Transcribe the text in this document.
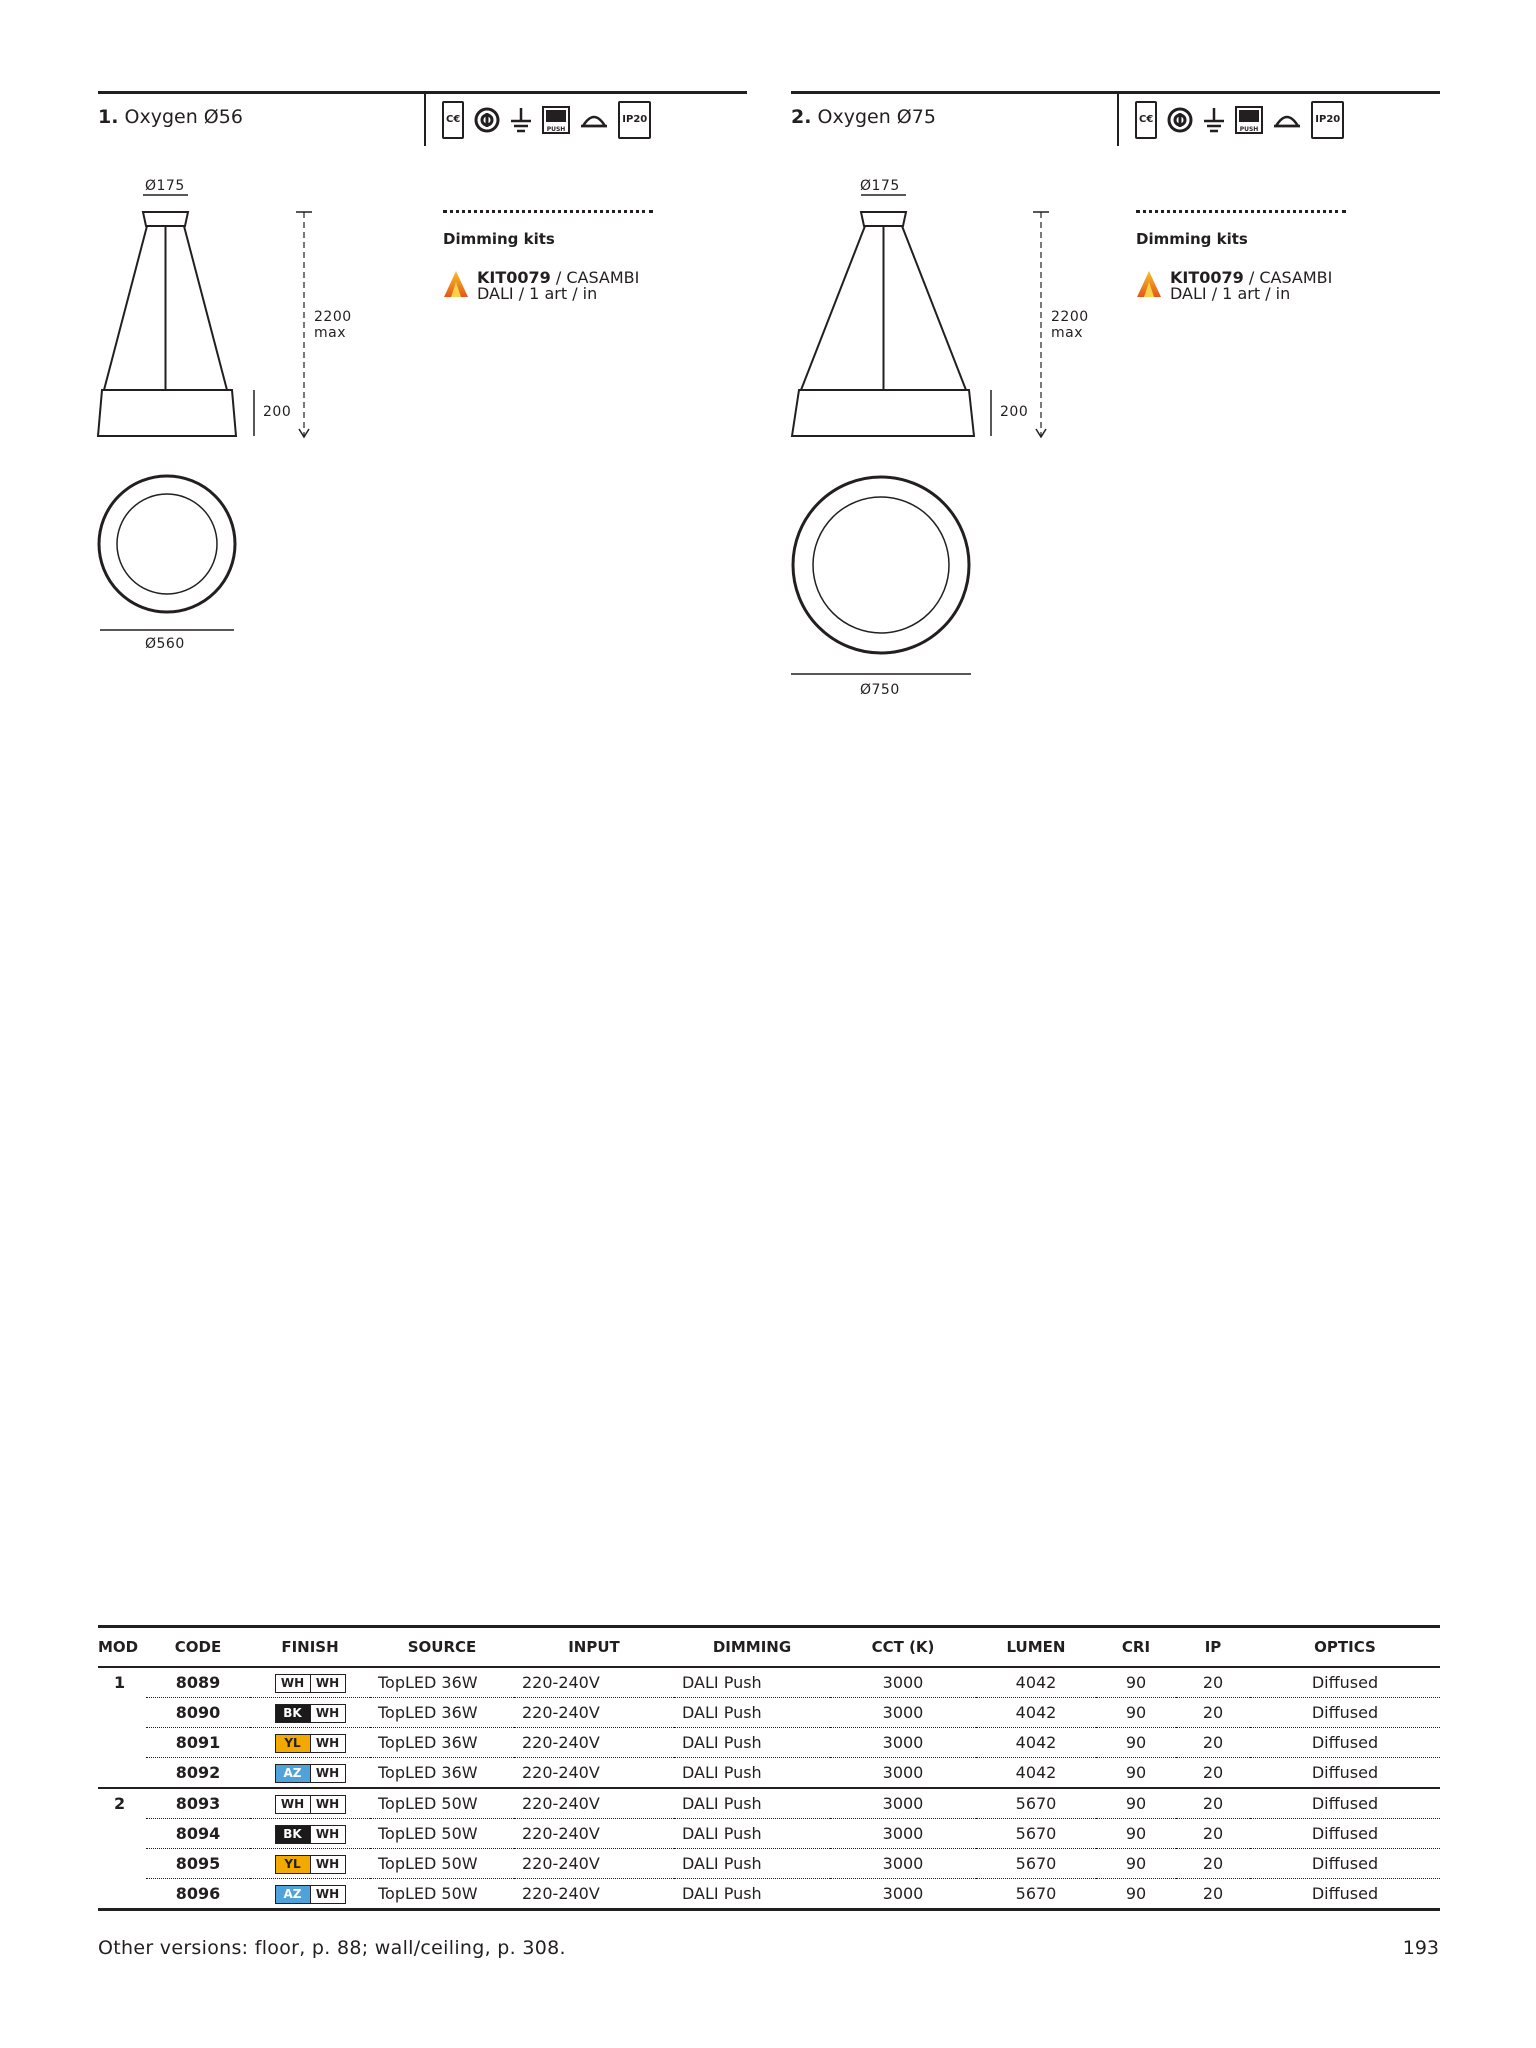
1. Oxygen Ø56	C€
PUSH
IP20
Ø175
2200
max
200
Ø560
Dimming kits
KIT0079 / CASAMBI
DALI / 1 art / in
2. Oxygen Ø75	C€
PUSH
IP20
Ø175
2200
max
200
Ø750
Dimming kits
KIT0079 / CASAMBI
DALI / 1 art / in
MOD	CODE	FINISH	SOURCE	INPUT	DIMMING	CCT (K)	LUMEN	CRI	IP	OPTICS
1	8089	WH WH	TopLED 36W	220-240V	DALI Push	3000	4042	90	20	Diffused
	8090	BK WH	TopLED 36W	220-240V	DALI Push	3000	4042	90	20	Diffused
	8091	YL WH	TopLED 36W	220-240V	DALI Push	3000	4042	90	20	Diffused
	8092	AZ WH	TopLED 36W	220-240V	DALI Push	3000	4042	90	20	Diffused
2	8093	WH WH	TopLED 50W	220-240V	DALI Push	3000	5670	90	20	Diffused
	8094	BK WH	TopLED 50W	220-240V	DALI Push	3000	5670	90	20	Diffused
	8095	YL WH	TopLED 50W	220-240V	DALI Push	3000	5670	90	20	Diffused
	8096	AZ WH	TopLED 50W	220-240V	DALI Push	3000	5670	90	20	Diffused
Other versions: floor, p. 88; wall/ceiling, p. 308.	193
